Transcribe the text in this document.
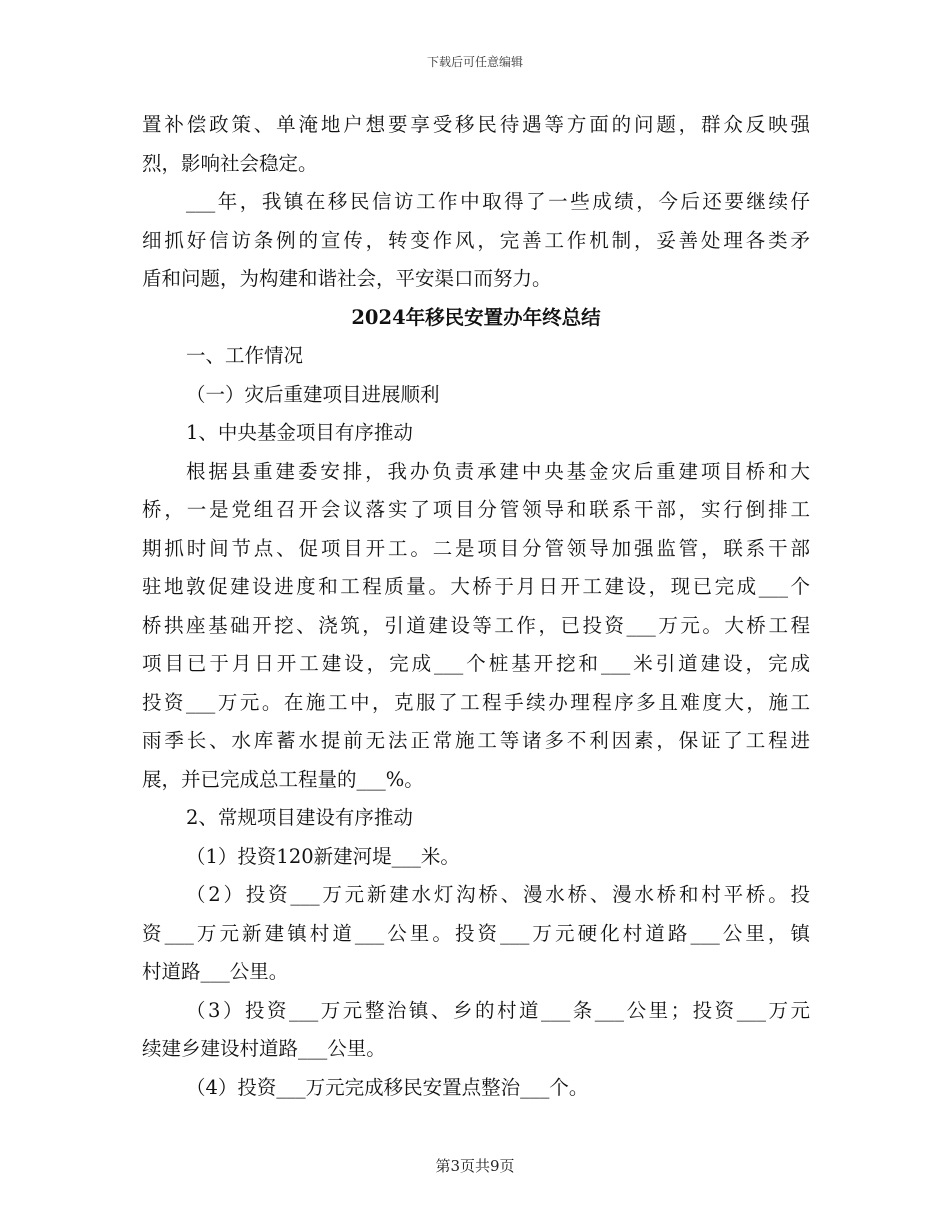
下载后可任意编辑
置补偿政策、单淹地户想要享受移民待遇等方面的问题，群众反映强
烈，影响社会稳定。
___年，我镇在移民信访工作中取得了一些成绩，今后还要继续仔
细抓好信访条例的宣传，转变作风，完善工作机制，妥善处理各类矛
盾和问题，为构建和谐社会，平安渠口而努力。
2024年移民安置办年终总结
一、工作情况
（一）灾后重建项目进展顺利
1、中央基金项目有序推动
根据县重建委安排，我办负责承建中央基金灾后重建项目桥和大
桥，一是党组召开会议落实了项目分管领导和联系干部，实行倒排工
期抓时间节点、促项目开工。二是项目分管领导加强监管，联系干部
驻地敦促建设进度和工程质量。大桥于月日开工建设，现已完成___个
桥拱座基础开挖、浇筑，引道建设等工作，已投资___万元。大桥工程
项目已于月日开工建设，完成___个桩基开挖和___米引道建设，完成
投资___万元。在施工中，克服了工程手续办理程序多且难度大，施工
雨季长、水库蓄水提前无法正常施工等诸多不利因素，保证了工程进
展，并已完成总工程量的___%。
2、常规项目建设有序推动
（1）投资120新建河堤___米。
（2）投资___万元新建水灯沟桥、漫水桥、漫水桥和村平桥。投
资___万元新建镇村道___公里。投资___万元硬化村道路___公里，镇
村道路___公里。
（3）投资___万元整治镇、乡的村道___条___公里；投资___万元
续建乡建设村道路___公里。
（4）投资___万元完成移民安置点整治___个。
第3页共9页
